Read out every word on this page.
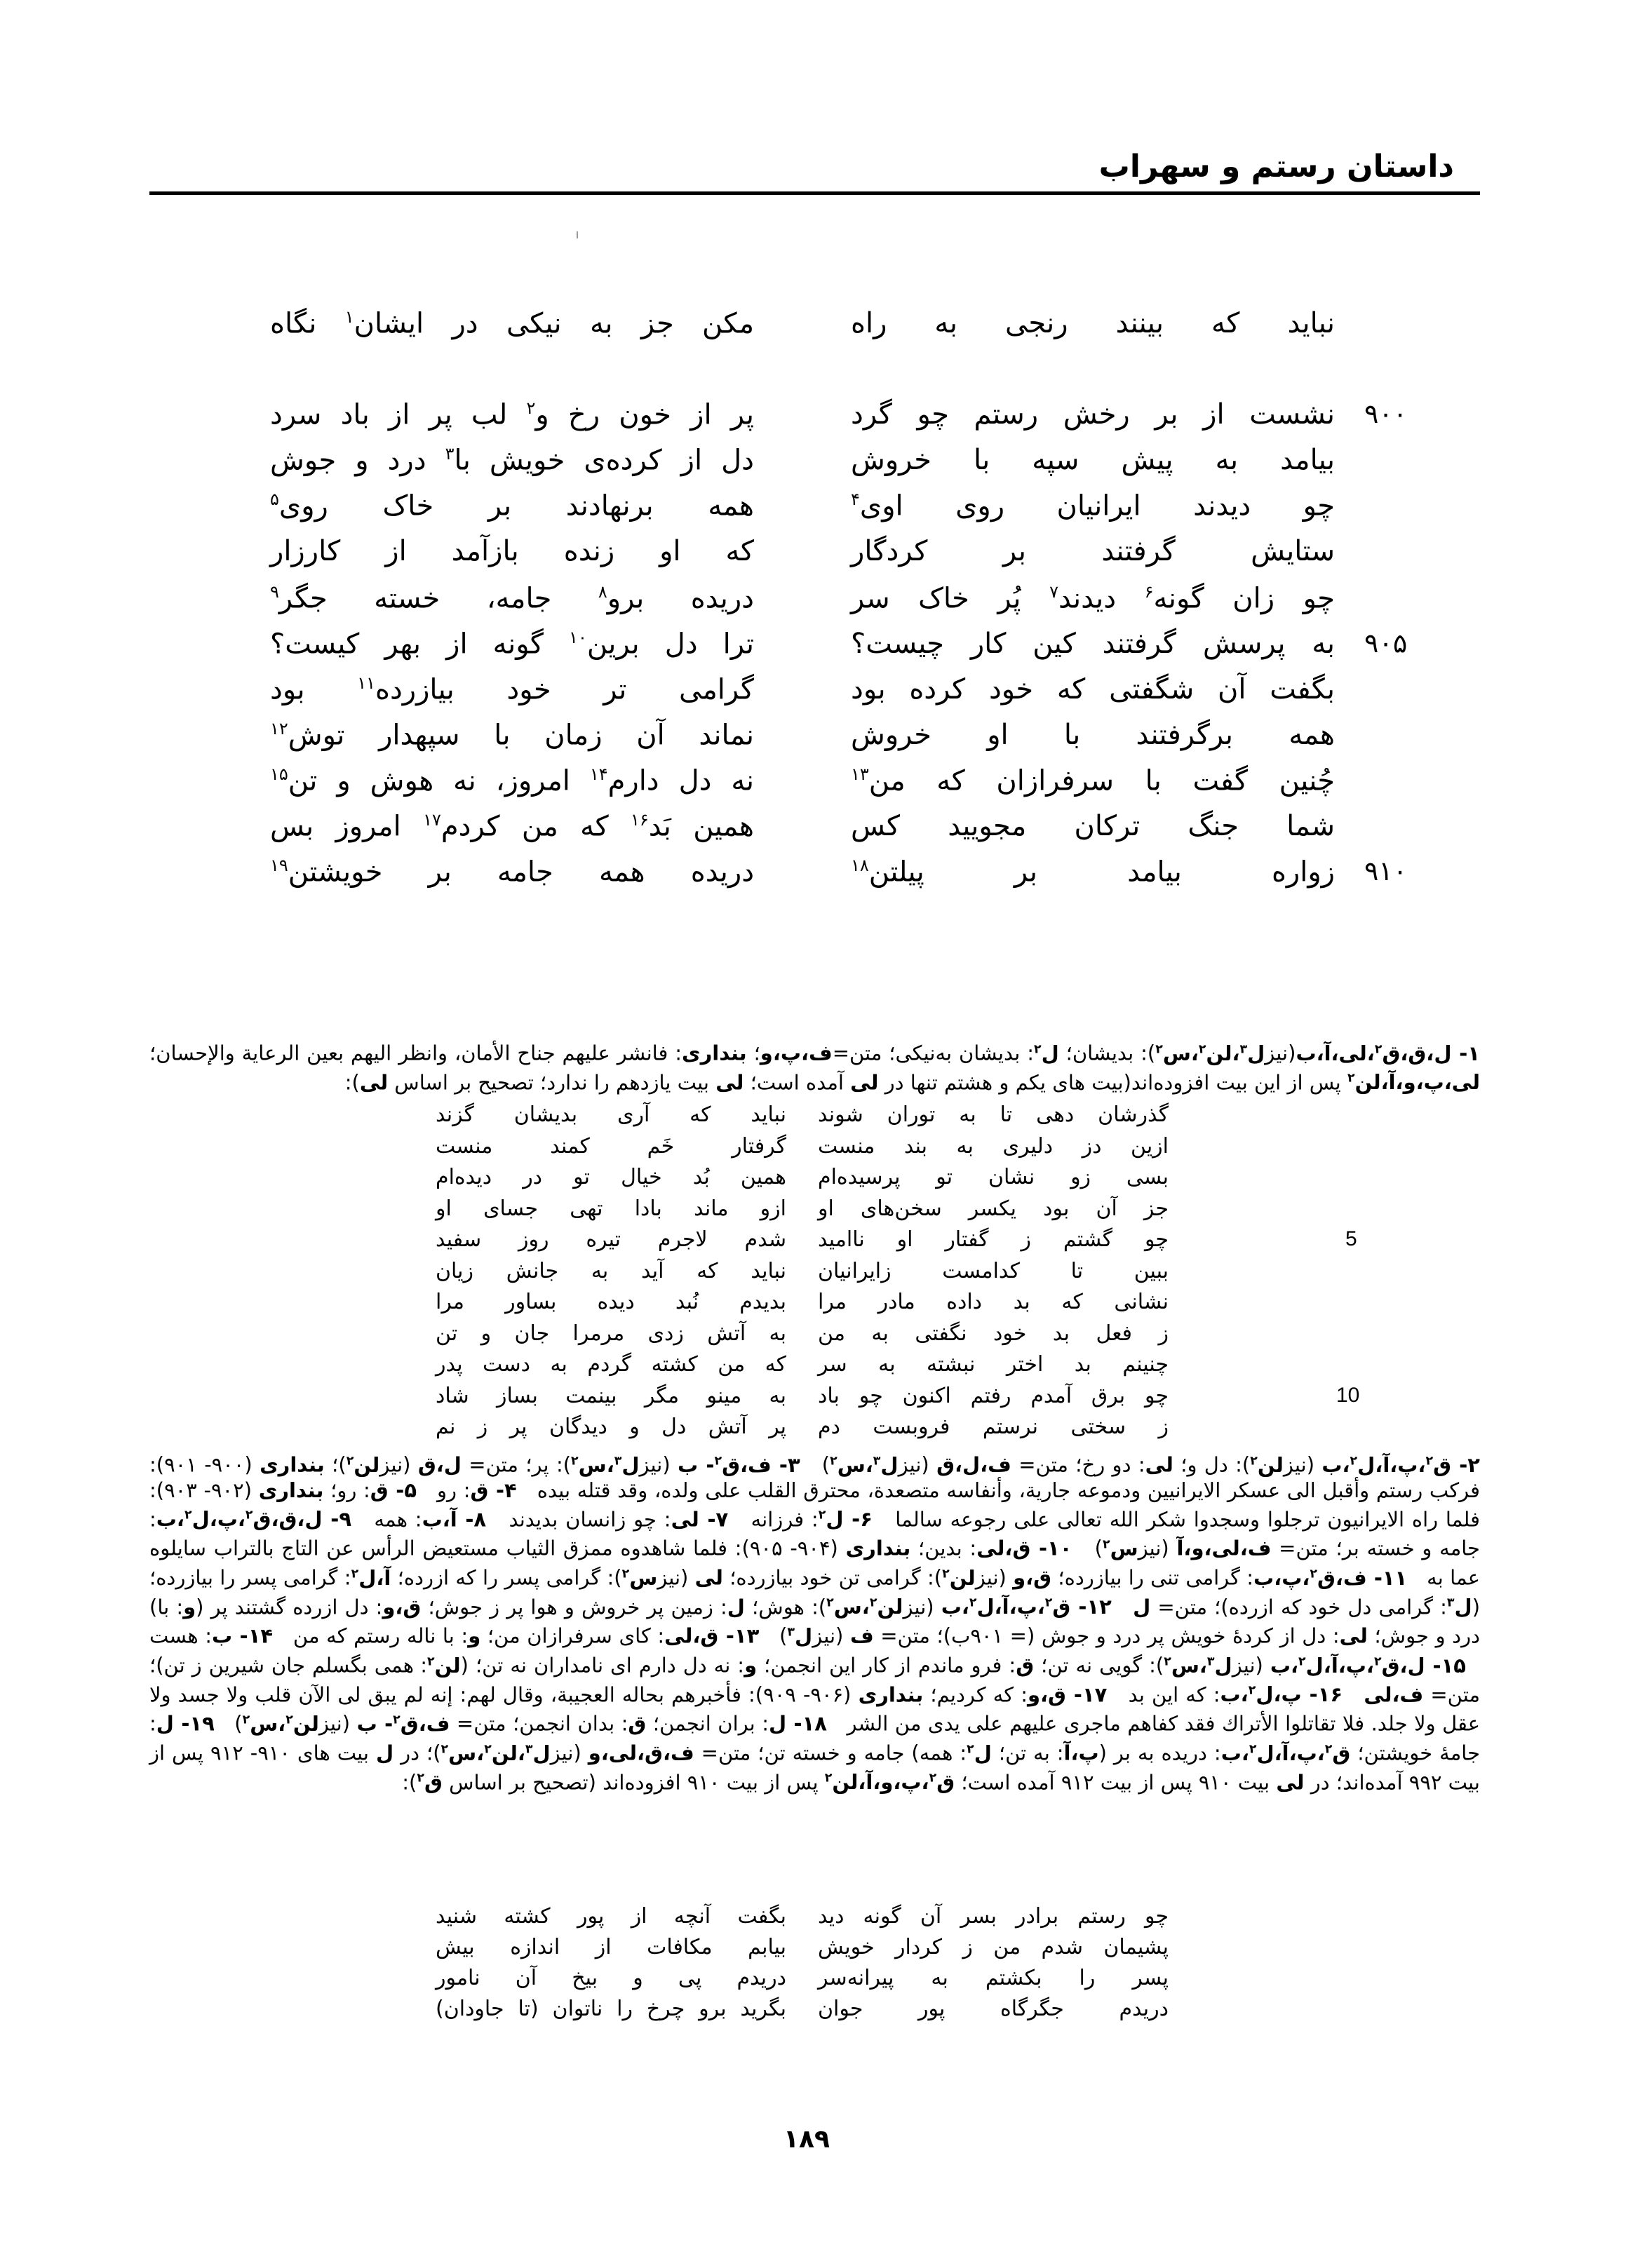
داستان رستم و سهراب
نباید که بینند رنجی به راه
مکن جز به نیکی در ایشان$^۱$ نگاه
نشست از بر رخش رستم چو گرد
پر از خون رخ و$^۲$ لب پر از باد سرد	۹۰۰
بیامد به پیش سپه با خروش
دل از کرده‌ی خویش با$^۳$ درد و جوش
چو دیدند ایرانیان روی اوی$^۴$
همه برنهادند بر خاک روی$^۵$
ستایش گرفتند بر کردگار
که او زنده بازآمد از کارزار
چو زان گونه$^۶$ دیدند$^۷$ پُر خاک سر
دریده برو$^۸$ جامه، خسته جگر$^۹$
به پرسش گرفتند کین کار چیست؟
ترا دل برین$^{۱۰}$ گونه از بهر کیست؟	۹۰۵
بگفت آن شگفتی که خود کرده بود
گرامی تر خود بیازرده$^{۱۱}$ بود
همه برگرفتند با او خروش
نماند آن زمان با سپهدار توش$^{۱۲}$
چُنین گفت با سرفرازان که من$^{۱۳}$
نه دل دارم$^{۱۴}$ امروز، نه هوش و تن$^{۱۵}$
شما جنگ ترکان مجویید کس
همین بَد$^{۱۶}$ که من کردم$^{۱۷}$ امروز بس
زواره بیامد بر پیلتن$^{۱۸}$
دریده همه جامه بر خویشتن$^{۱۹}$	۹۱۰
۱- ل،ق،ق$^۲$،لی،آ،ب(نیزل$^۳$،لن$^۲$،س$^۲$): بدیشان؛ ل$^۲$: بدیشان به‌نیکی؛ متن=ف،پ،و؛ بنداری: فانشر علیهم جناح الأمان، وانظر الیهم بعین الرعایة والإحسان؛ لی،پ،و،آ،لن$^۲$ پس از این بیت افزوده‌اند(بیت های یکم و هشتم تنها در لی آمده است؛ لی بیت یازدهم را ندارد؛ تصحیح بر اساس لی):
گذرشان دهی تا به توران شوند
نباید که آری بدیشان گزند
ازین دز دلیری به بند منست
گرفتار خَم کمند منست
بسی زو نشان تو پرسیده‌ام
همین بُد خیال تو در دیده‌ام
جز آن بود یکسر سخن‌های او
ازو ماند بادا تهی جسای او
چو گشتم ز گفتار او ناامید
شدم لاجرم تیره روز سفید	5
ببین تا کدامست زایرانیان
نباید که آید به جانش زیان
نشانی که بد داده مادر مرا
بدیدم نُبد دیده بساور مرا
ز فعل بد خود نگفتی به من
به آتش زدی مرمرا جان و تن
چنینم بد اختر نبشته به سر
که من کشته گردم به دست پدر
چو برق آمدم رفتم اکنون چو باد
به مینو مگر بینمت بساز شاد	10
ز سختی نرستم فروبست دم
پر آتش دل و دیدگان پر ز نم
۲- ق$^۲$،پ،آ،ل$^۲$،ب (نیزلن$^۲$): دل و؛ لی: دو رخ؛ متن= ف،ل،ق (نیزل$^۳$،س$^۲$)   ۳- ف،ق$^۲$- ب (نیزل$^۳$،س$^۲$): پر؛ متن= ل،ق (نیزلن$^۲$)؛ بنداری (۹۰۰- ۹۰۱): فرکب رستم وأقبل الی عسکر الایرانیین ودموعه جاریة، وأنفاسه متصعدة، محترق القلب علی ولده، وقد قتله بیده   ۴- ق: رو   ۵- ق: رو؛ بنداری (۹۰۲- ۹۰۳): فلما راه الایرانیون ترجلوا وسجدوا شکر الله تعالی علی رجوعه سالما   ۶- ل$^۲$: فرزانه   ۷- لی: چو زانسان بدیدند   ۸- آ،ب: همه   ۹- ل،ق،ق$^۲$،پ،ل$^۲$،ب: جامه و خسته بر؛ متن= ف،لی،و،آ (نیزس$^۲$)   ۱۰- ق،لی: بدین؛ بنداری (۹۰۴- ۹۰۵): فلما شاهدوه ممزق الثیاب مستعیض الرأس عن التاج بالتراب سایلوه عما به   ۱۱- ف،ق$^۲$،پ،ب: گرامی تنی را بیازرده؛ ق،و (نیزلن$^۲$): گرامی تن خود بیازرده؛ لی (نیزس$^۲$): گرامی پسر را که ازرده؛ آ،ل$^۲$: گرامی پسر را بیازرده؛ (ل$^۳$: گرامی دل خود که ازرده)؛ متن= ل   ۱۲- ق$^۲$،پ،آ،ل$^۲$،ب (نیزلن$^۲$،س$^۲$): هوش؛ ل: زمین پر خروش و هوا پر ز جوش؛ ق،و: دل ازرده گشتند پر (و: با) درد و جوش؛ لی: دل از کردهٔ خویش پر درد و جوش (= ۹۰۱ب)؛ متن= ف (نیزل$^۳$)   ۱۳- ق،لی: کای سرفرازان من؛ و: با ناله رستم که من   ۱۴- ب: هست   ۱۵- ل،ق$^۲$،پ،آ،ل$^۲$،ب (نیزل$^۳$،س$^۲$): گویی نه تن؛ ق: فرو ماندم از کار این انجمن؛ و: نه دل دارم ای نامداران نه تن؛ (لن$^۲$: همی بگسلم جان شیرین ز تن)؛ متن= ف،لی   ۱۶- پ،ل$^۲$،ب: که این بد   ۱۷- ق،و: که کردیم؛ بنداری (۹۰۶- ۹۰۹): فأخبرهم بحاله العجیبة، وقال لهم: إنه لم یبق لی الآن قلب ولا جسد ولا عقل ولا جلد. فلا تقاتلوا الأتراك فقد کفاهم ماجری علیهم علی یدی من الشر   ۱۸- ل: بران انجمن؛ ق: بدان انجمن؛ متن= ف،ق$^۲$- ب (نیزلن$^۲$،س$^۲$)   ۱۹- ل: جامهٔ خویشتن؛ ق$^۲$،پ،آ،ل$^۲$،ب: دریده به بر (پ،آ: به تن؛ ل$^۲$: همه) جامه و خسته تن؛ متن= ف،ق،لی،و (نیزل$^۳$،لن$^۲$،س$^۲$)؛ در ل بیت های ۹۱۰- ۹۱۲ پس از بیت ۹۹۲ آمده‌اند؛ در لی بیت ۹۱۰ پس از بیت ۹۱۲ آمده است؛ ق$^۲$،پ،و،آ،لن$^۲$ پس از بیت ۹۱۰ افزوده‌اند (تصحیح بر اساس ق$^۲$):
چو رستم برادر بسر آن گونه دید
بگفت آنچه از پور کشته شنید
پشیمان شدم من ز کردار خویش
بیابم مکافات از اندازه بیش
پسر را بکشتم به پیرانه‌سر
دریدم پی و بیخ آن نامور
دریدم جگرگاه پور جوان
بگرید برو چرخ را ناتوان (تا جاودان)
۱۸۹
